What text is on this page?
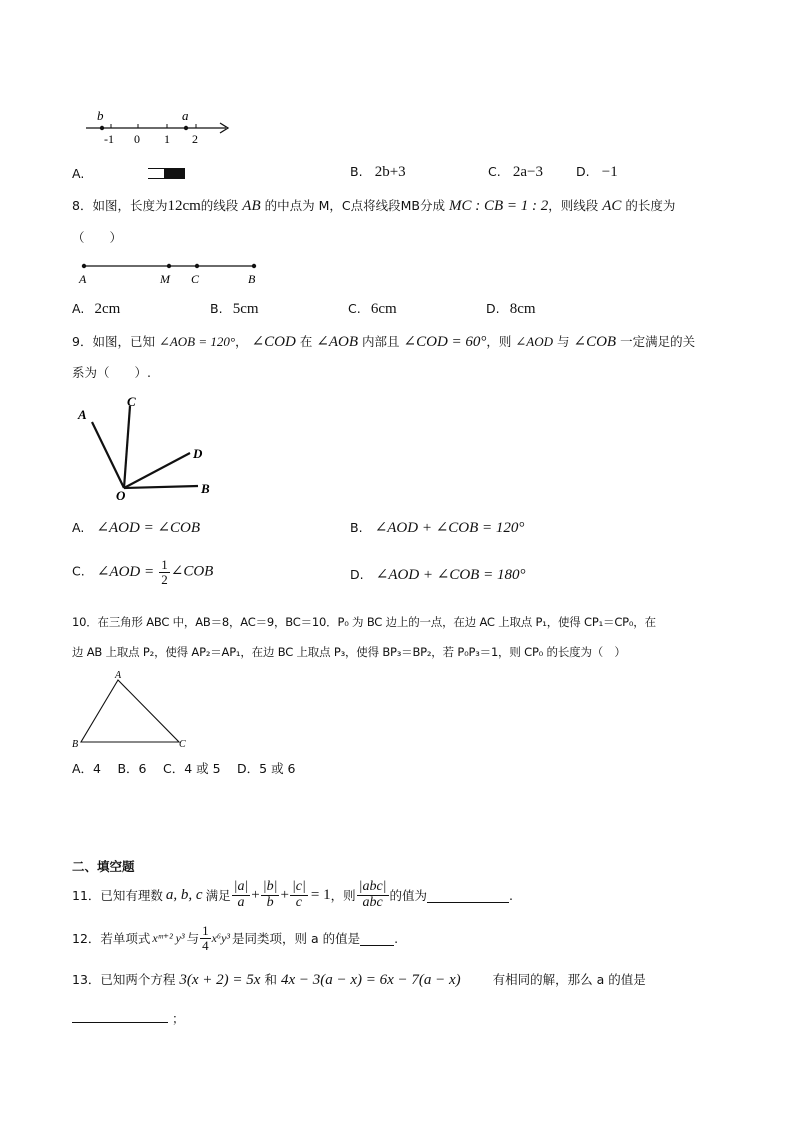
b	a
-1 0 1 2
A.	B. 2b+3	C. 2a−3	D. −1
8．如图，长度为12cm的线段 AB 的中点为 M，C点将线段MB分成 MC : CB = 1 : 2，则线段 AC 的长度为
（　　）
A	M C	B
A. 2cm	B. 5cm	C. 6cm	D. 8cm
9．如图，已知 ∠AOB = 120°， ∠COD 在 ∠AOB 内部且 ∠COD = 60°，则 ∠AOD 与 ∠COB 一定满足的关
系为（　　）.
A
C
D
O	B
A. ∠AOD = ∠COB	B. ∠AOD + ∠COB = 120°
C. ∠AOD = $\frac{1}{2}$ ∠COB	D. ∠AOD + ∠COB = 180°
10．在三角形 ABC 中，AB＝8，AC＝9，BC＝10．P₀ 为 BC 边上的一点，在边 AC 上取点 P₁，使得 CP₁＝CP₀，在
边 AB 上取点 P₂，使得 AP₂＝AP₁，在边 BC 上取点 P₃，使得 BP₃＝BP₂，若 P₀P₃＝1，则 CP₀ 的长度为（　）
A
B	C
A．4　 B．6　 C．4 或 5　 D．5 或 6
二、填空题
11．已知有理数 a, b, c 满足 $\frac{|a|}{a} + \frac{|b|}{b} + \frac{|c|}{c} = 1$ ，则 $\frac{\text{|abc|}}{\text{abc}}$ 的值为	.
12．若单项式 xᵐ⁺² y³ 与 $\frac{1}{4} x^6y^3$ 是同类项，则 a 的值是	.
13．已知两个方程 3(x + 2) = 5x 和 4x − 3(a − x) = 6x − 7(a − x)	有相同的解，那么 a 的值是
；
